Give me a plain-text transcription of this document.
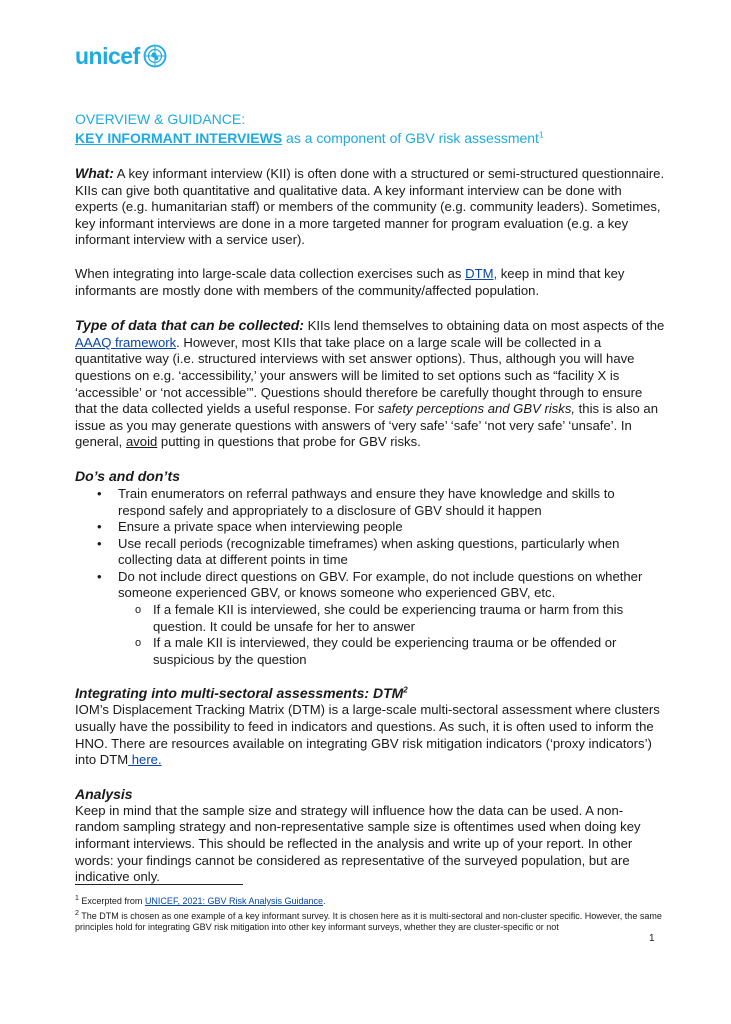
unicef

OVERVIEW & GUIDANCE:

KEY INFORMANT INTERVIEWS as a component of GBV risk assessment$^1$

What: A key informant interview (KII) is often done with a structured or semi-structured questionnaire. KIIs can give both quantitative and qualitative data. A key informant interview can be done with experts (e.g. humanitarian staff) or members of the community (e.g. community leaders). Sometimes, key informant interviews are done in a more targeted manner for program evaluation (e.g. a key informant interview with a service user).

When integrating into large-scale data collection exercises such as DTM, keep in mind that key informants are mostly done with members of the community/affected population.

Type of data that can be collected: KIIs lend themselves to obtaining data on most aspects of the AAAQ framework. However, most KIIs that take place on a large scale will be collected in a quantitative way (i.e. structured interviews with set answer options). Thus, although you will have questions on e.g. ‘accessibility,’ your answers will be limited to set options such as “facility X is ‘accessible’ or ‘not accessible’”. Questions should therefore be carefully thought through to ensure that the data collected yields a useful response. For safety perceptions and GBV risks, this is also an issue as you may generate questions with answers of ‘very safe’ ‘safe’ ‘not very safe’ ‘unsafe’. In general, avoid putting in questions that probe for GBV risks.

Do’s and don’ts

• Train enumerators on referral pathways and ensure they have knowledge and skills to respond safely and appropriately to a disclosure of GBV should it happen
• Ensure a private space when interviewing people
• Use recall periods (recognizable timeframes) when asking questions, particularly when collecting data at different points in time
• Do not include direct questions on GBV. For example, do not include questions on whether someone experienced GBV, or knows someone who experienced GBV, etc.
o If a female KII is interviewed, she could be experiencing trauma or harm from this question. It could be unsafe for her to answer
o If a male KII is interviewed, they could be experiencing trauma or be offended or suspicious by the question

Integrating into multi-sectoral assessments: DTM$^2$

IOM’s Displacement Tracking Matrix (DTM) is a large-scale multi-sectoral assessment where clusters usually have the possibility to feed in indicators and questions. As such, it is often used to inform the HNO. There are resources available on integrating GBV risk mitigation indicators (‘proxy indicators’) into DTM here.

Analysis

Keep in mind that the sample size and strategy will influence how the data can be used. A non-random sampling strategy and non-representative sample size is oftentimes used when doing key informant interviews. This should be reflected in the analysis and write up of your report. In other words: your findings cannot be considered as representative of the surveyed population, but are indicative only.

$^1$ Excerpted from UNICEF, 2021: GBV Risk Analysis Guidance.

$^2$ The DTM is chosen as one example of a key informant survey. It is chosen here as it is multi-sectoral and non-cluster specific. However, the same principles hold for integrating GBV risk mitigation into other key informant surveys, whether they are cluster-specific or not

1
